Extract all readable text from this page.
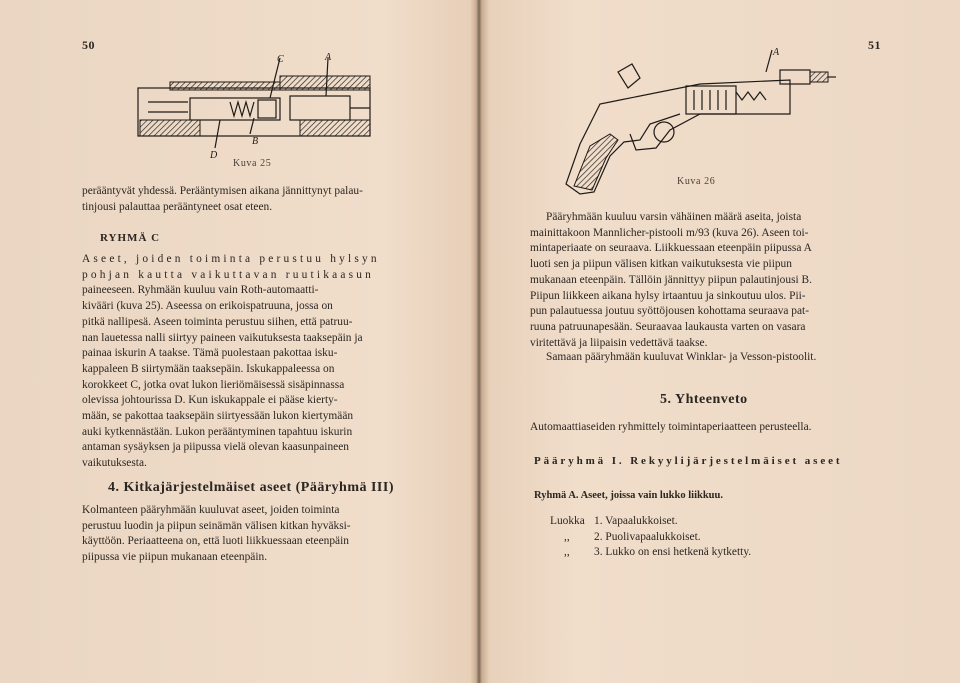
50
C	A
B
D
Kuva 25
perääntyvät yhdessä. Perääntymisen aikana jännittynyt palau-
tinjousi palauttaa perääntyneet osat eteen.
RYHMÄ C
Aseet, joiden toiminta perustuu hylsyn
pohjan kautta vaikuttavan ruutikaasun
paineeseen. Ryhmään kuuluu vain Roth-automaatti-
kivääri (kuva 25). Aseessa on erikoispatruuna, jossa on
pitkä nallipesä. Aseen toiminta perustuu siihen, että patruu-
nan lauetessa nalli siirtyy paineen vaikutuksesta taaksepäin ja
painaa iskurin A taakse. Tämä puolestaan pakottaa isku-
kappaleen B siirtymään taaksepäin. Iskukappaleessa on
korokkeet C, jotka ovat lukon lieriömäisessä sisäpinnassa
olevissa johtourissa D. Kun iskukappale ei pääse kierty-
mään, se pakottaa taaksepäin siirtyessään lukon kiertymään
auki kytkennästään. Lukon perääntyminen tapahtuu iskurin
antaman sysäyksen ja piipussa vielä olevan kaasunpaineen
vaikutuksesta.
4. Kitkajärjestelmäiset aseet (Pääryhmä III)
Kolmanteen pääryhmään kuuluvat aseet, joiden toiminta
perustuu luodin ja piipun seinämän välisen kitkan hyväksi-
käyttöön. Periaatteena on, että luoti liikkuessaan eteenpäin
piipussa vie piipun mukanaan eteenpäin.
51
A
Kuva 26
Pääryhmään kuuluu varsin vähäinen määrä aseita, joista
mainittakoon Mannlicher-pistooli m/93 (kuva 26). Aseen toi-
mintaperiaate on seuraava. Liikkuessaan eteenpäin piipussa A
luoti sen ja piipun välisen kitkan vaikutuksesta vie piipun
mukanaan eteenpäin. Tällöin jännittyy piipun palautinjousi B.
Piipun liikkeen aikana hylsy irtaantuu ja sinkoutuu ulos. Pii-
pun palautuessa joutuu syöttöjousen kohottama seuraava pat-
ruuna patruunapesään. Seuraavaa laukausta varten on vasara
viritettävä ja liipaisin vedettävä taakse.
Samaan pääryhmään kuuluvat Winklar- ja Vesson-pistoolit.
5. Yhteenveto
Automaattiaseiden ryhmittely toimintaperiaatteen perusteella.
Pääryhmä I. Rekyylijärjestelmäiset aseet
Ryhmä A. Aseet, joissa vain lukko liikkuu.
Luokka 1. Vapaalukkoiset.
,,	2. Puolivapaalukkoiset.
,,	3. Lukko on ensi hetkenä kytketty.
